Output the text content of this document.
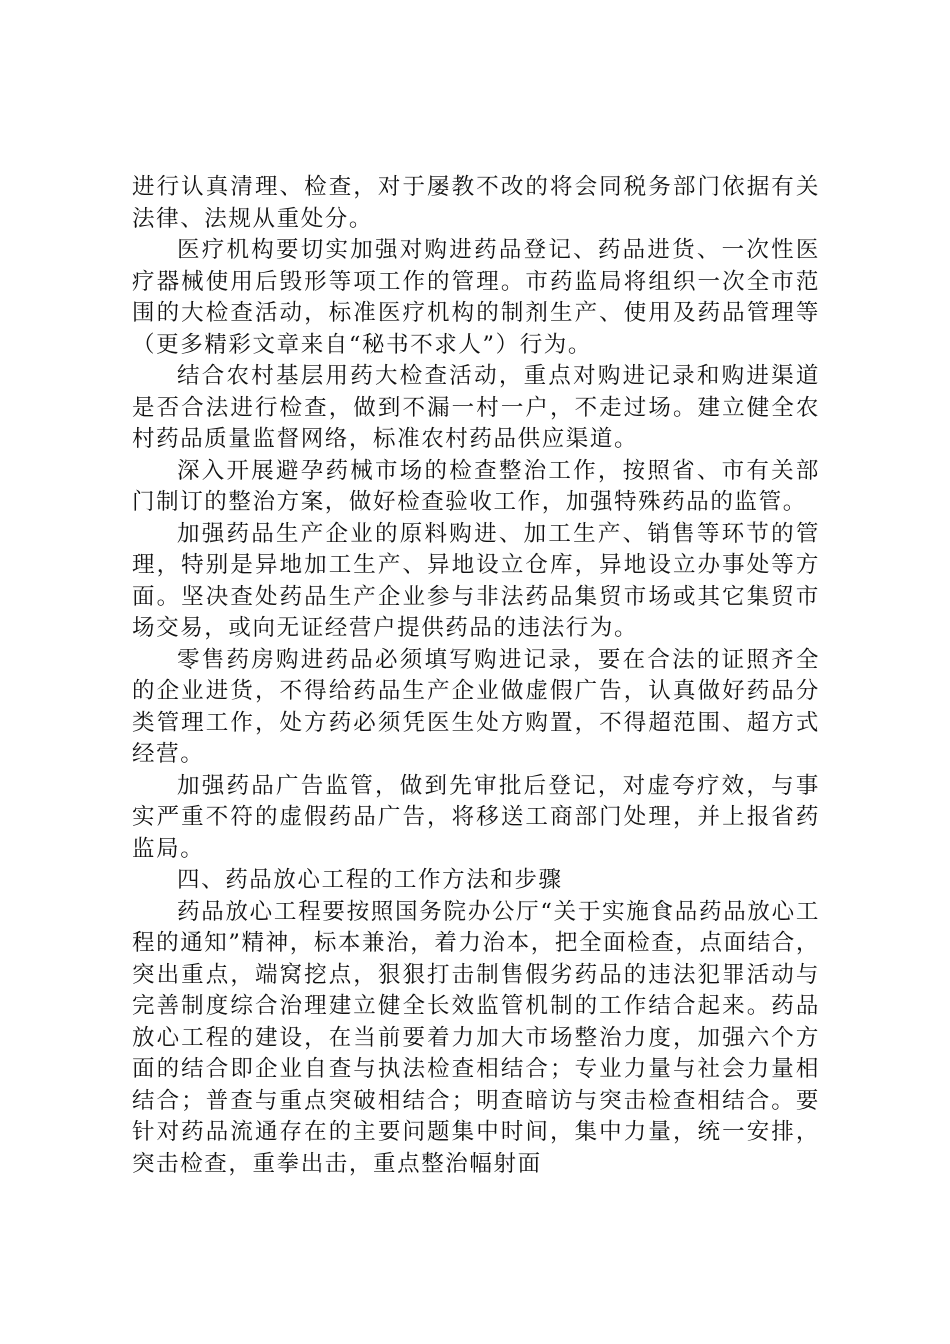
进行认真清理、检查，对于屡教不改的将会同税务部门依据有关法律、法规从重处分。

医疗机构要切实加强对购进药品登记、药品进货、一次性医疗器械使用后毁形等项工作的管理。市药监局将组织一次全市范围的大检查活动，标准医疗机构的制剂生产、使用及药品管理等（更多精彩文章来自“秘书不求人”）行为。

结合农村基层用药大检查活动，重点对购进记录和购进渠道是否合法进行检查，做到不漏一村一户，不走过场。建立健全农村药品质量监督网络，标准农村药品供应渠道。

深入开展避孕药械市场的检查整治工作，按照省、市有关部门制订的整治方案，做好检查验收工作，加强特殊药品的监管。

加强药品生产企业的原料购进、加工生产、销售等环节的管理，特别是异地加工生产、异地设立仓库，异地设立办事处等方面。坚决查处药品生产企业参与非法药品集贸市场或其它集贸市场交易，或向无证经营户提供药品的违法行为。

零售药房购进药品必须填写购进记录，要在合法的证照齐全的企业进货，不得给药品生产企业做虚假广告，认真做好药品分类管理工作，处方药必须凭医生处方购置，不得超范围、超方式经营。

加强药品广告监管，做到先审批后登记，对虚夸疗效，与事实严重不符的虚假药品广告，将移送工商部门处理，并上报省药监局。

四、药品放心工程的工作方法和步骤

药品放心工程要按照国务院办公厅“关于实施食品药品放心工程的通知”精神，标本兼治，着力治本，把全面检查，点面结合，突出重点，端窝挖点，狠狠打击制售假劣药品的违法犯罪活动与完善制度综合治理建立健全长效监管机制的工作结合起来。药品放心工程的建设，在当前要着力加大市场整治力度，加强六个方面的结合即企业自查与执法检查相结合；专业力量与社会力量相结合；普查与重点突破相结合；明查暗访与突击检查相结合。要针对药品流通存在的主要问题集中时间，集中力量，统一安排，突击检查，重拳出击，重点整治幅射面
